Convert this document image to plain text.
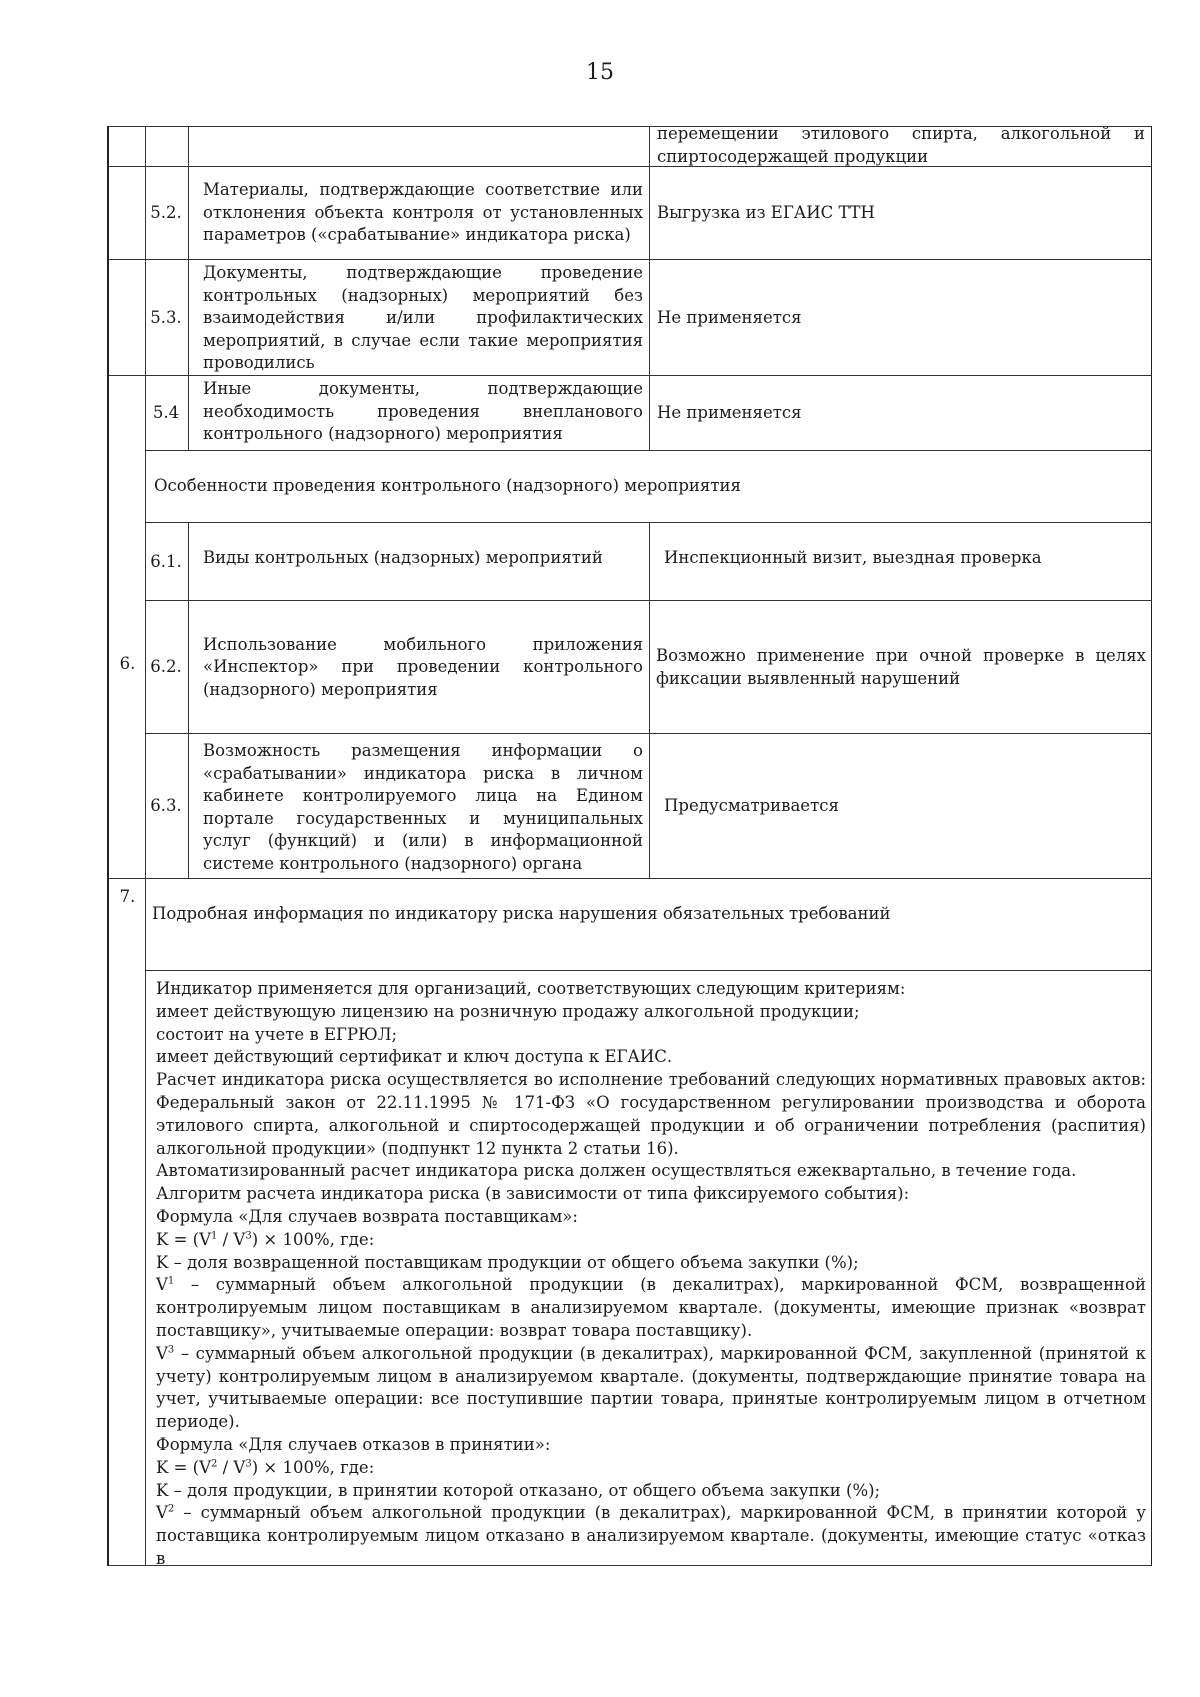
15
перемещении этилового спирта, алкогольной и спиртосодержащей продукции
5.2.
Материалы, подтверждающие соответствие или отклонения объекта контроля от установленных параметров («срабатывание» индикатора риска)
Выгрузка из ЕГАИС ТТН
5.3.
Документы, подтверждающие проведение контрольных (надзорных) мероприятий без взаимодействия и/или профилактических мероприятий, в случае если такие мероприятия проводились
Не применяется
5.4
Иные документы, подтверждающие необходимость проведения внепланового контрольного (надзорного) мероприятия
Не применяется
Особенности проведения контрольного (надзорного) мероприятия
6.1.	Виды контрольных (надзорных) мероприятий	Инспекционный визит, выездная проверка
6.2.
Использование мобильного приложения «Инспектор» при проведении контрольного (надзорного) мероприятия
Возможно применение при очной проверке в целях фиксации выявленный нарушений
6.3.
Возможность размещения информации о «срабатывании» индикатора риска в личном кабинете контролируемого лица на Едином портале государственных и муниципальных услуг (функций) и (или) в информационной системе контрольного (надзорного) органа
Предусматривается
6.
7.
Подробная информация по индикатору риска нарушения обязательных требований
Индикатор применяется для организаций, соответствующих следующим критериям:
имеет действующую лицензию на розничную продажу алкогольной продукции;
состоит на учете в ЕГРЮЛ;
имеет действующий сертификат и ключ доступа к ЕГАИС.
Расчет индикатора риска осуществляется во исполнение требований следующих нормативных правовых актов: Федеральный закон от 22.11.1995 № 171-ФЗ «О государственном регулировании производства и оборота этилового спирта, алкогольной и спиртосодержащей продукции и об ограничении потребления (распития) алкогольной продукции» (подпункт 12 пункта 2 статьи 16).
Автоматизированный расчет индикатора риска должен осуществляться ежеквартально, в течение года.
Алгоритм расчета индикатора риска (в зависимости от типа фиксируемого события):
Формула «Для случаев возврата поставщикам»:
$K = (V^1 / V^3) \times 100\%$, где:
K – доля возвращенной поставщикам продукции от общего объема закупки (%);
$V^1$ – суммарный объем алкогольной продукции (в декалитрах), маркированной ФСМ, возвращенной контролируемым лицом поставщикам в анализируемом квартале. (документы, имеющие признак «возврат поставщику», учитываемые операции: возврат товара поставщику).
$V^3$ – суммарный объем алкогольной продукции (в декалитрах), маркированной ФСМ, закупленной (принятой к учету) контролируемым лицом в анализируемом квартале. (документы, подтверждающие принятие товара на учет, учитываемые операции: все поступившие партии товара, принятые контролируемым лицом в отчетном периоде).
Формула «Для случаев отказов в принятии»:
$K = (V^2 / V^3) \times 100\%$, где:
K – доля продукции, в принятии которой отказано, от общего объема закупки (%);
$V^2$ – суммарный объем алкогольной продукции (в декалитрах), маркированной ФСМ, в принятии которой у поставщика контролируемым лицом отказано в анализируемом квартале. (документы, имеющие статус «отказ в
